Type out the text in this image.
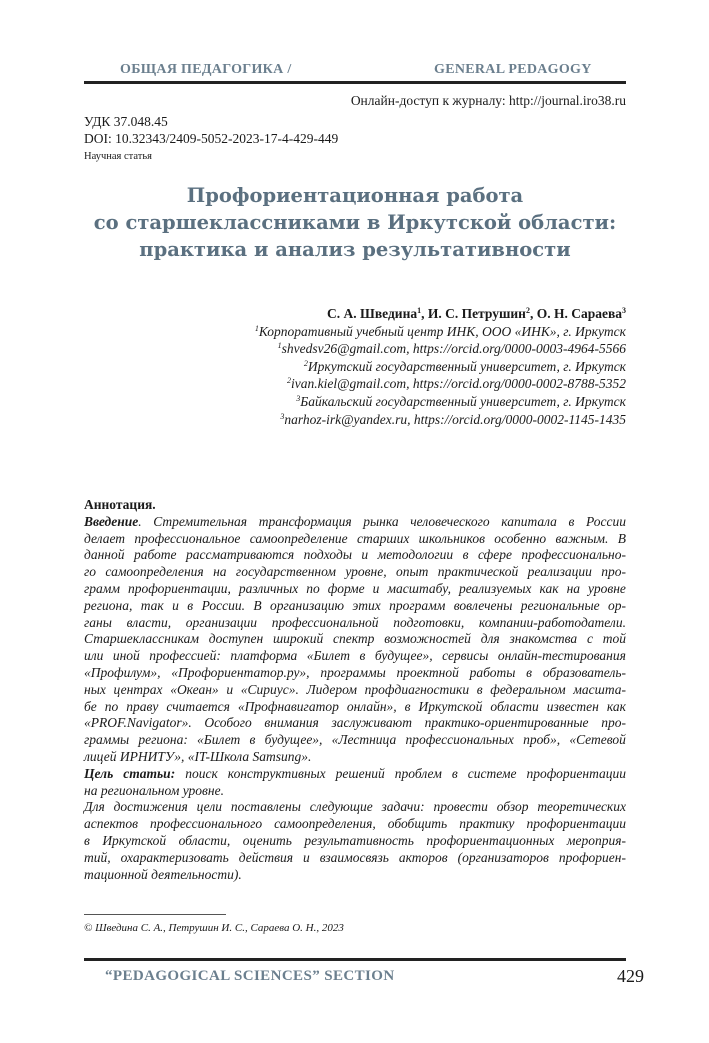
ОБЩАЯ ПЕДАГОГИКА /	GENERAL PEDAGOGY
Онлайн-доступ к журналу: http://journal.iro38.ru
УДК 37.048.45
DOI: 10.32343/2409-5052-2023-17-4-429-449
Научная статья
Профориентационная работа
со старшеклассниками в Иркутской области:
практика и анализ результативности
С. А. Шведина$^1$, И. С. Петрушин$^2$, О. Н. Сараева$^3$
$^1$Корпоративный учебный центр ИНК, ООО «ИНК», г. Иркутск
$^1$shvedsv26@gmail.com, https://orcid.org/0000-0003-4964-5566
$^2$Иркутский государственный университет, г. Иркутск
$^2$ivan.kiel@gmail.com, https://orcid.org/0000-0002-8788-5352
$^3$Байкальский государственный университет, г. Иркутск
$^3$narhoz-irk@yandex.ru, https://orcid.org/0000-0002-1145-1435
Аннотация.
Введение. Стремительная трансформация рынка человеческого капитала в России
делает профессиональное самоопределение старших школьников особенно важным. В
данной работе рассматриваются подходы и методологии в сфере профессионально-
го самоопределения на государственном уровне, опыт практической реализации про-
грамм профориентации, различных по форме и масштабу, реализуемых как на уровне
региона, так и в России. В организацию этих программ вовлечены региональные ор-
ганы власти, организации профессиональной подготовки, компании-работодатели.
Старшеклассникам доступен широкий спектр возможностей для знакомства с той
или иной профессией: платформа «Билет в будущее», сервисы онлайн-тестирования
«Профилум», «Профориентатор.ру», программы проектной работы в образователь-
ных центрах «Океан» и «Сириус». Лидером профдиагностики в федеральном масшта-
бе по праву считается «Профнавигатор онлайн», в Иркутской области известен как
«PROF.Navigator». Особого внимания заслуживают практико-ориентированные про-
граммы региона: «Билет в будущее», «Лестница профессиональных проб», «Сетевой
лицей ИРНИТУ», «IT-Школа Samsung».
Цель статьи: поиск конструктивных решений проблем в системе профориентации
на региональном уровне.
Для достижения цели поставлены следующие задачи: провести обзор теоретических
аспектов профессионального самоопределения, обобщить практику профориентации
в Иркутской области, оценить результативность профориентационных мероприя-
тий, охарактеризовать действия и взаимосвязь акторов (организаторов профориен-
тационной деятельности).
© Шведина С. А., Петрушин И. С., Сараева О. Н., 2023
“PEDAGOGICAL SCIENCES” SECTION	429
